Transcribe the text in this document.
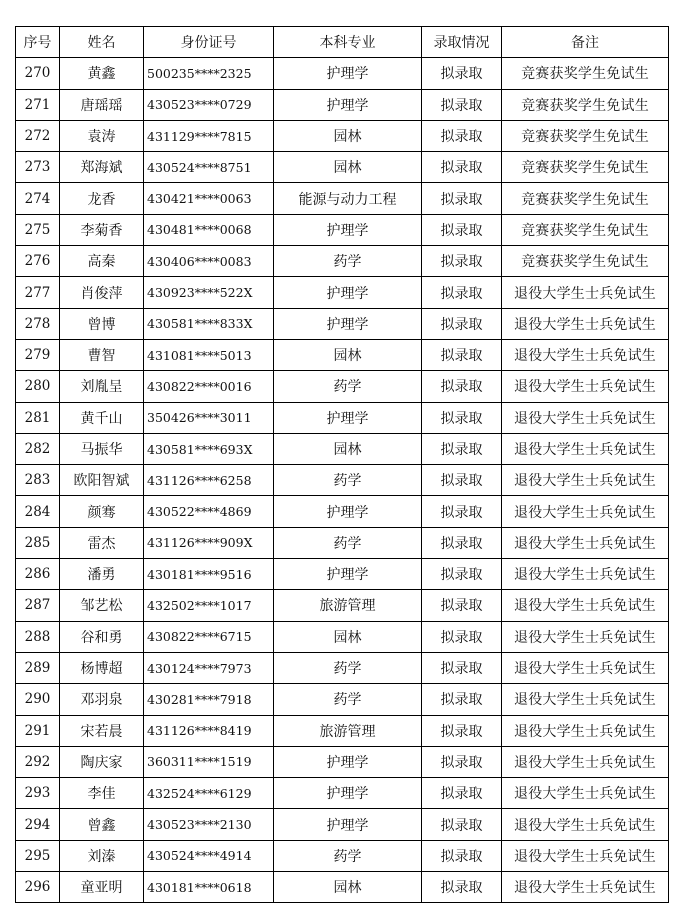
序号	姓名	身份证号	本科专业	录取情况	备注
270	黄鑫	500235****2325	护理学	拟录取	竞赛获奖学生免试生
271	唐瑶瑶	430523****0729	护理学	拟录取	竞赛获奖学生免试生
272	袁涛	431129****7815	园林	拟录取	竞赛获奖学生免试生
273	郑海斌	430524****8751	园林	拟录取	竞赛获奖学生免试生
274	龙香	430421****0063	能源与动力工程	拟录取	竞赛获奖学生免试生
275	李菊香	430481****0068	护理学	拟录取	竞赛获奖学生免试生
276	高秦	430406****0083	药学	拟录取	竞赛获奖学生免试生
277	肖俊萍	430923****522X	护理学	拟录取	退役大学生士兵免试生
278	曾博	430581****833X	护理学	拟录取	退役大学生士兵免试生
279	曹智	431081****5013	园林	拟录取	退役大学生士兵免试生
280	刘胤呈	430822****0016	药学	拟录取	退役大学生士兵免试生
281	黄千山	350426****3011	护理学	拟录取	退役大学生士兵免试生
282	马振华	430581****693X	园林	拟录取	退役大学生士兵免试生
283	欧阳智斌	431126****6258	药学	拟录取	退役大学生士兵免试生
284	颜骞	430522****4869	护理学	拟录取	退役大学生士兵免试生
285	雷杰	431126****909X	药学	拟录取	退役大学生士兵免试生
286	潘勇	430181****9516	护理学	拟录取	退役大学生士兵免试生
287	邹艺松	432502****1017	旅游管理	拟录取	退役大学生士兵免试生
288	谷和勇	430822****6715	园林	拟录取	退役大学生士兵免试生
289	杨博超	430124****7973	药学	拟录取	退役大学生士兵免试生
290	邓羽泉	430281****7918	药学	拟录取	退役大学生士兵免试生
291	宋若晨	431126****8419	旅游管理	拟录取	退役大学生士兵免试生
292	陶庆家	360311****1519	护理学	拟录取	退役大学生士兵免试生
293	李佳	432524****6129	护理学	拟录取	退役大学生士兵免试生
294	曾鑫	430523****2130	护理学	拟录取	退役大学生士兵免试生
295	刘溱	430524****4914	药学	拟录取	退役大学生士兵免试生
296	童亚明	430181****0618	园林	拟录取	退役大学生士兵免试生
